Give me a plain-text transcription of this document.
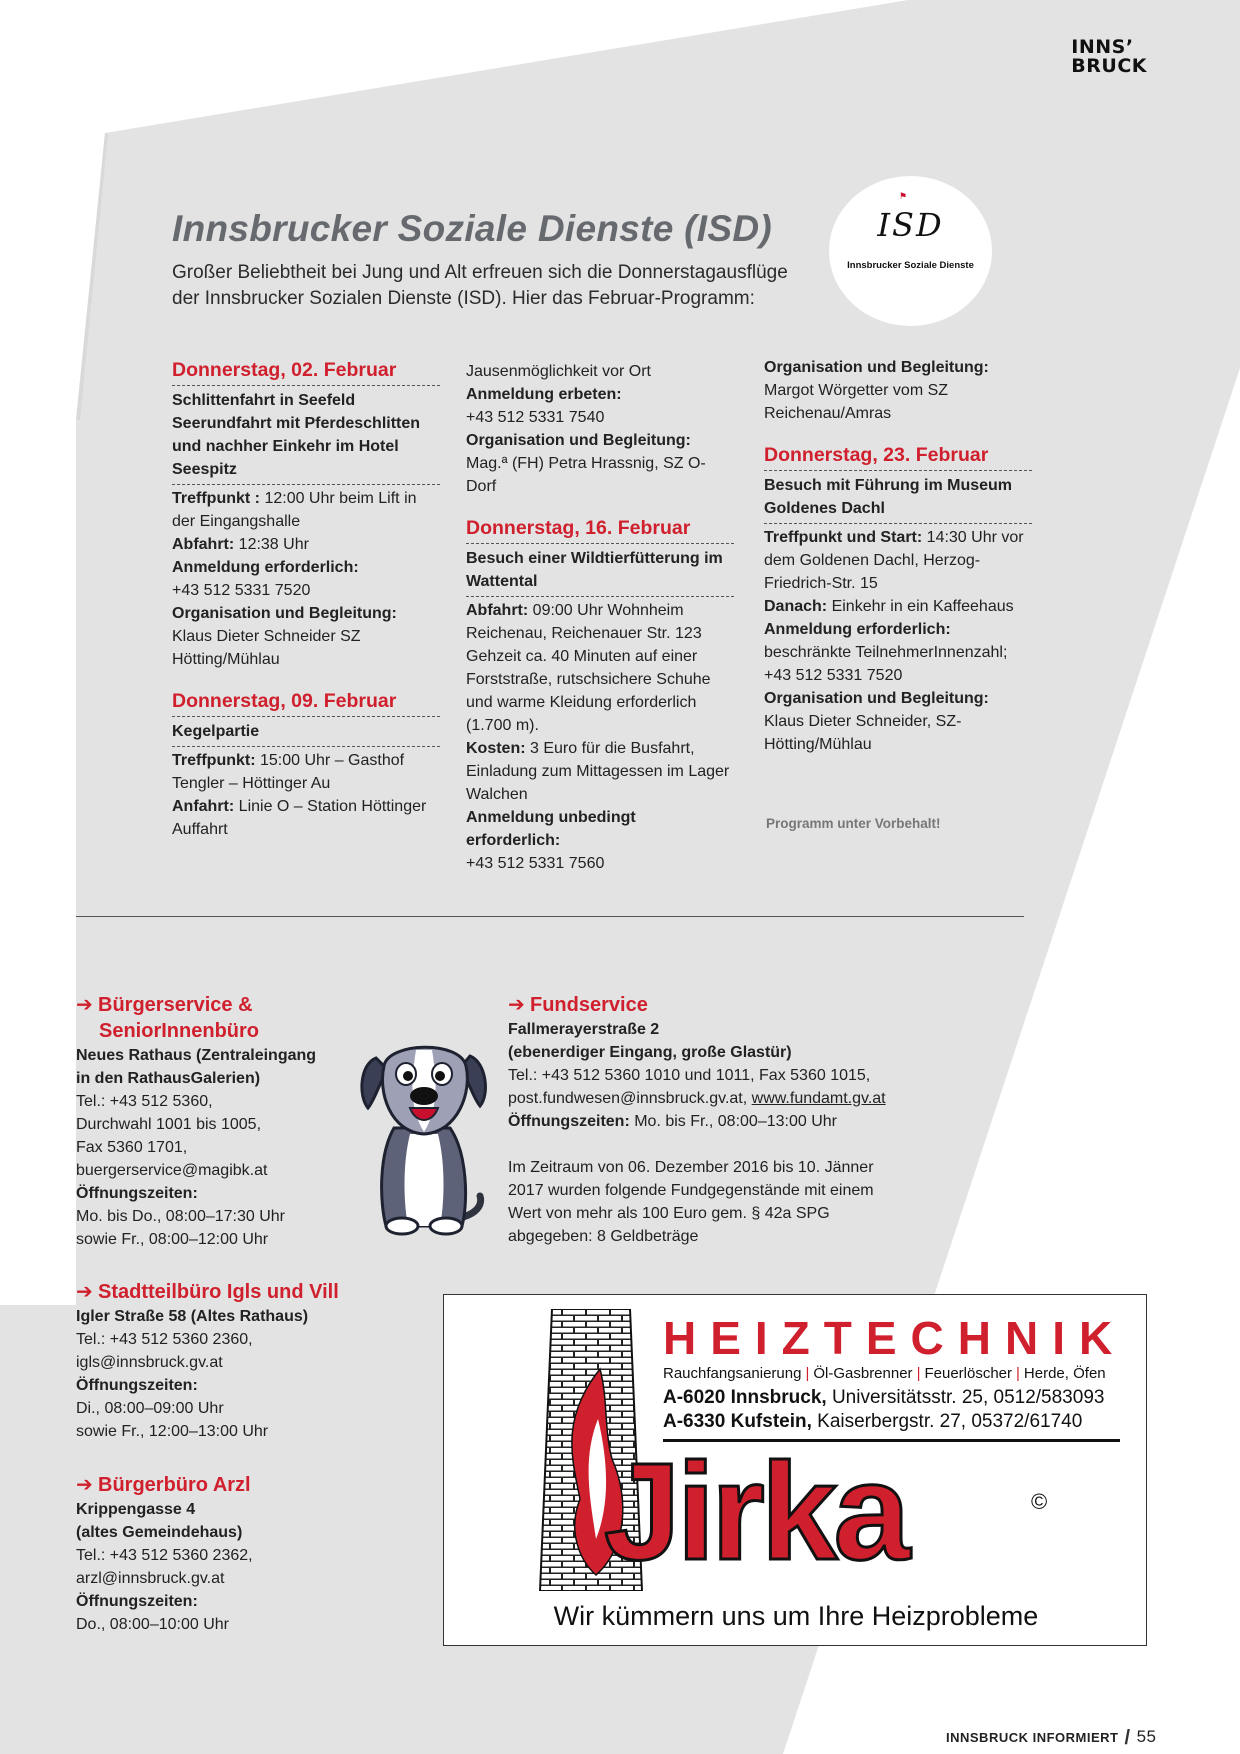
INNS’
BRUCK
Innsbrucker Soziale Dienste (ISD)
Großer Beliebtheit bei Jung und Alt erfreuen sich die Donnerstagausflüge der Innsbrucker Sozialen Dienste (ISD). Hier das Februar-Programm:
⚑
ISD
Innsbrucker Soziale Dienste
Donnerstag, 02. Februar
Schlittenfahrt in Seefeld Seerundfahrt mit Pferdeschlitten und nachher Einkehr im Hotel Seespitz
Treffpunkt : 12:00 Uhr beim Lift in der Eingangshalle
Abfahrt: 12:38 Uhr
Anmeldung erforderlich:
+43 512 5331 7520
Organisation und Begleitung: Klaus Dieter Schneider SZ Hötting/Mühlau
Donnerstag, 09. Februar
Kegelpartie
Treffpunkt: 15:00 Uhr – Gasthof Tengler – Höttinger Au
Anfahrt: Linie O – Station Höttinger Auffahrt
Jausenmöglichkeit vor Ort
Anmeldung erbeten:
+43 512 5331 7540
Organisation und Begleitung: Mag.ª (FH) Petra Hrassnig, SZ O-Dorf
Donnerstag, 16. Februar
Besuch einer Wildtierfütterung im Wattental
Abfahrt: 09:00 Uhr Wohnheim Reichenau, Reichenauer Str. 123
Gehzeit ca. 40 Minuten auf einer Forststraße, rutschsichere Schuhe und warme Kleidung erforderlich (1.700 m).
Kosten: 3 Euro für die Busfahrt, Einladung zum Mittagessen im Lager Walchen
Anmeldung unbedingt erforderlich:
+43 512 5331 7560
Organisation und Begleitung:
Margot Wörgetter vom SZ Reichenau/Amras
Donnerstag, 23. Februar
Besuch mit Führung im Museum Goldenes Dachl
Treffpunkt und Start: 14:30 Uhr vor dem Goldenen Dachl, Herzog-Friedrich-Str. 15
Danach: Einkehr in ein Kaffeehaus
Anmeldung erforderlich:
beschränkte TeilnehmerInnenzahl; +43 512 5331 7520
Organisation und Begleitung:
Klaus Dieter Schneider, SZ-Hötting/Mühlau
Programm unter Vorbehalt!
➔ Bürgerservice &
SeniorInnenbüro
Neues Rathaus (Zentraleingang
in den RathausGalerien)
Tel.: +43 512 5360,
Durchwahl 1001 bis 1005,
Fax 5360 1701,
buergerservice@magibk.at
Öffnungszeiten:
Mo. bis Do., 08:00–17:30 Uhr
sowie Fr., 08:00–12:00 Uhr
➔ Stadtteilbüro Igls und Vill
Igler Straße 58 (Altes Rathaus)
Tel.: +43 512 5360 2360,
igls@innsbruck.gv.at
Öffnungszeiten:
Di., 08:00–09:00 Uhr
sowie Fr., 12:00–13:00 Uhr
➔ Bürgerbüro Arzl
Krippengasse 4
(altes Gemeindehaus)
Tel.: +43 512 5360 2362,
arzl@innsbruck.gv.at
Öffnungszeiten:
Do., 08:00–10:00 Uhr
➔ Fundservice
Fallmerayerstraße 2
(ebenerdiger Eingang, große Glastür)
Tel.: +43 512 5360 1010 und 1011, Fax 5360 1015,
post.fundwesen@innsbruck.gv.at, www.fundamt.gv.at
Öffnungszeiten: Mo. bis Fr., 08:00–13:00 Uhr
Im Zeitraum von 06. Dezember 2016 bis 10. Jänner 2017 wurden folgende Fundgegenstände mit einem Wert von mehr als 100 Euro gem. § 42a SPG abgegeben: 8 Geldbeträge
HEIZTECHNIK
Rauchfangsanierung | Öl-Gasbrenner | Feuerlöscher | Herde, Öfen
A-6020 Innsbruck, Universitätsstr. 25, 0512/583093
A-6330 Kufstein, Kaiserbergstr. 27, 05372/61740
Jirka	©
Wir kümmern uns um Ihre Heizprobleme
INNSBRUCK INFORMIERT / 55
